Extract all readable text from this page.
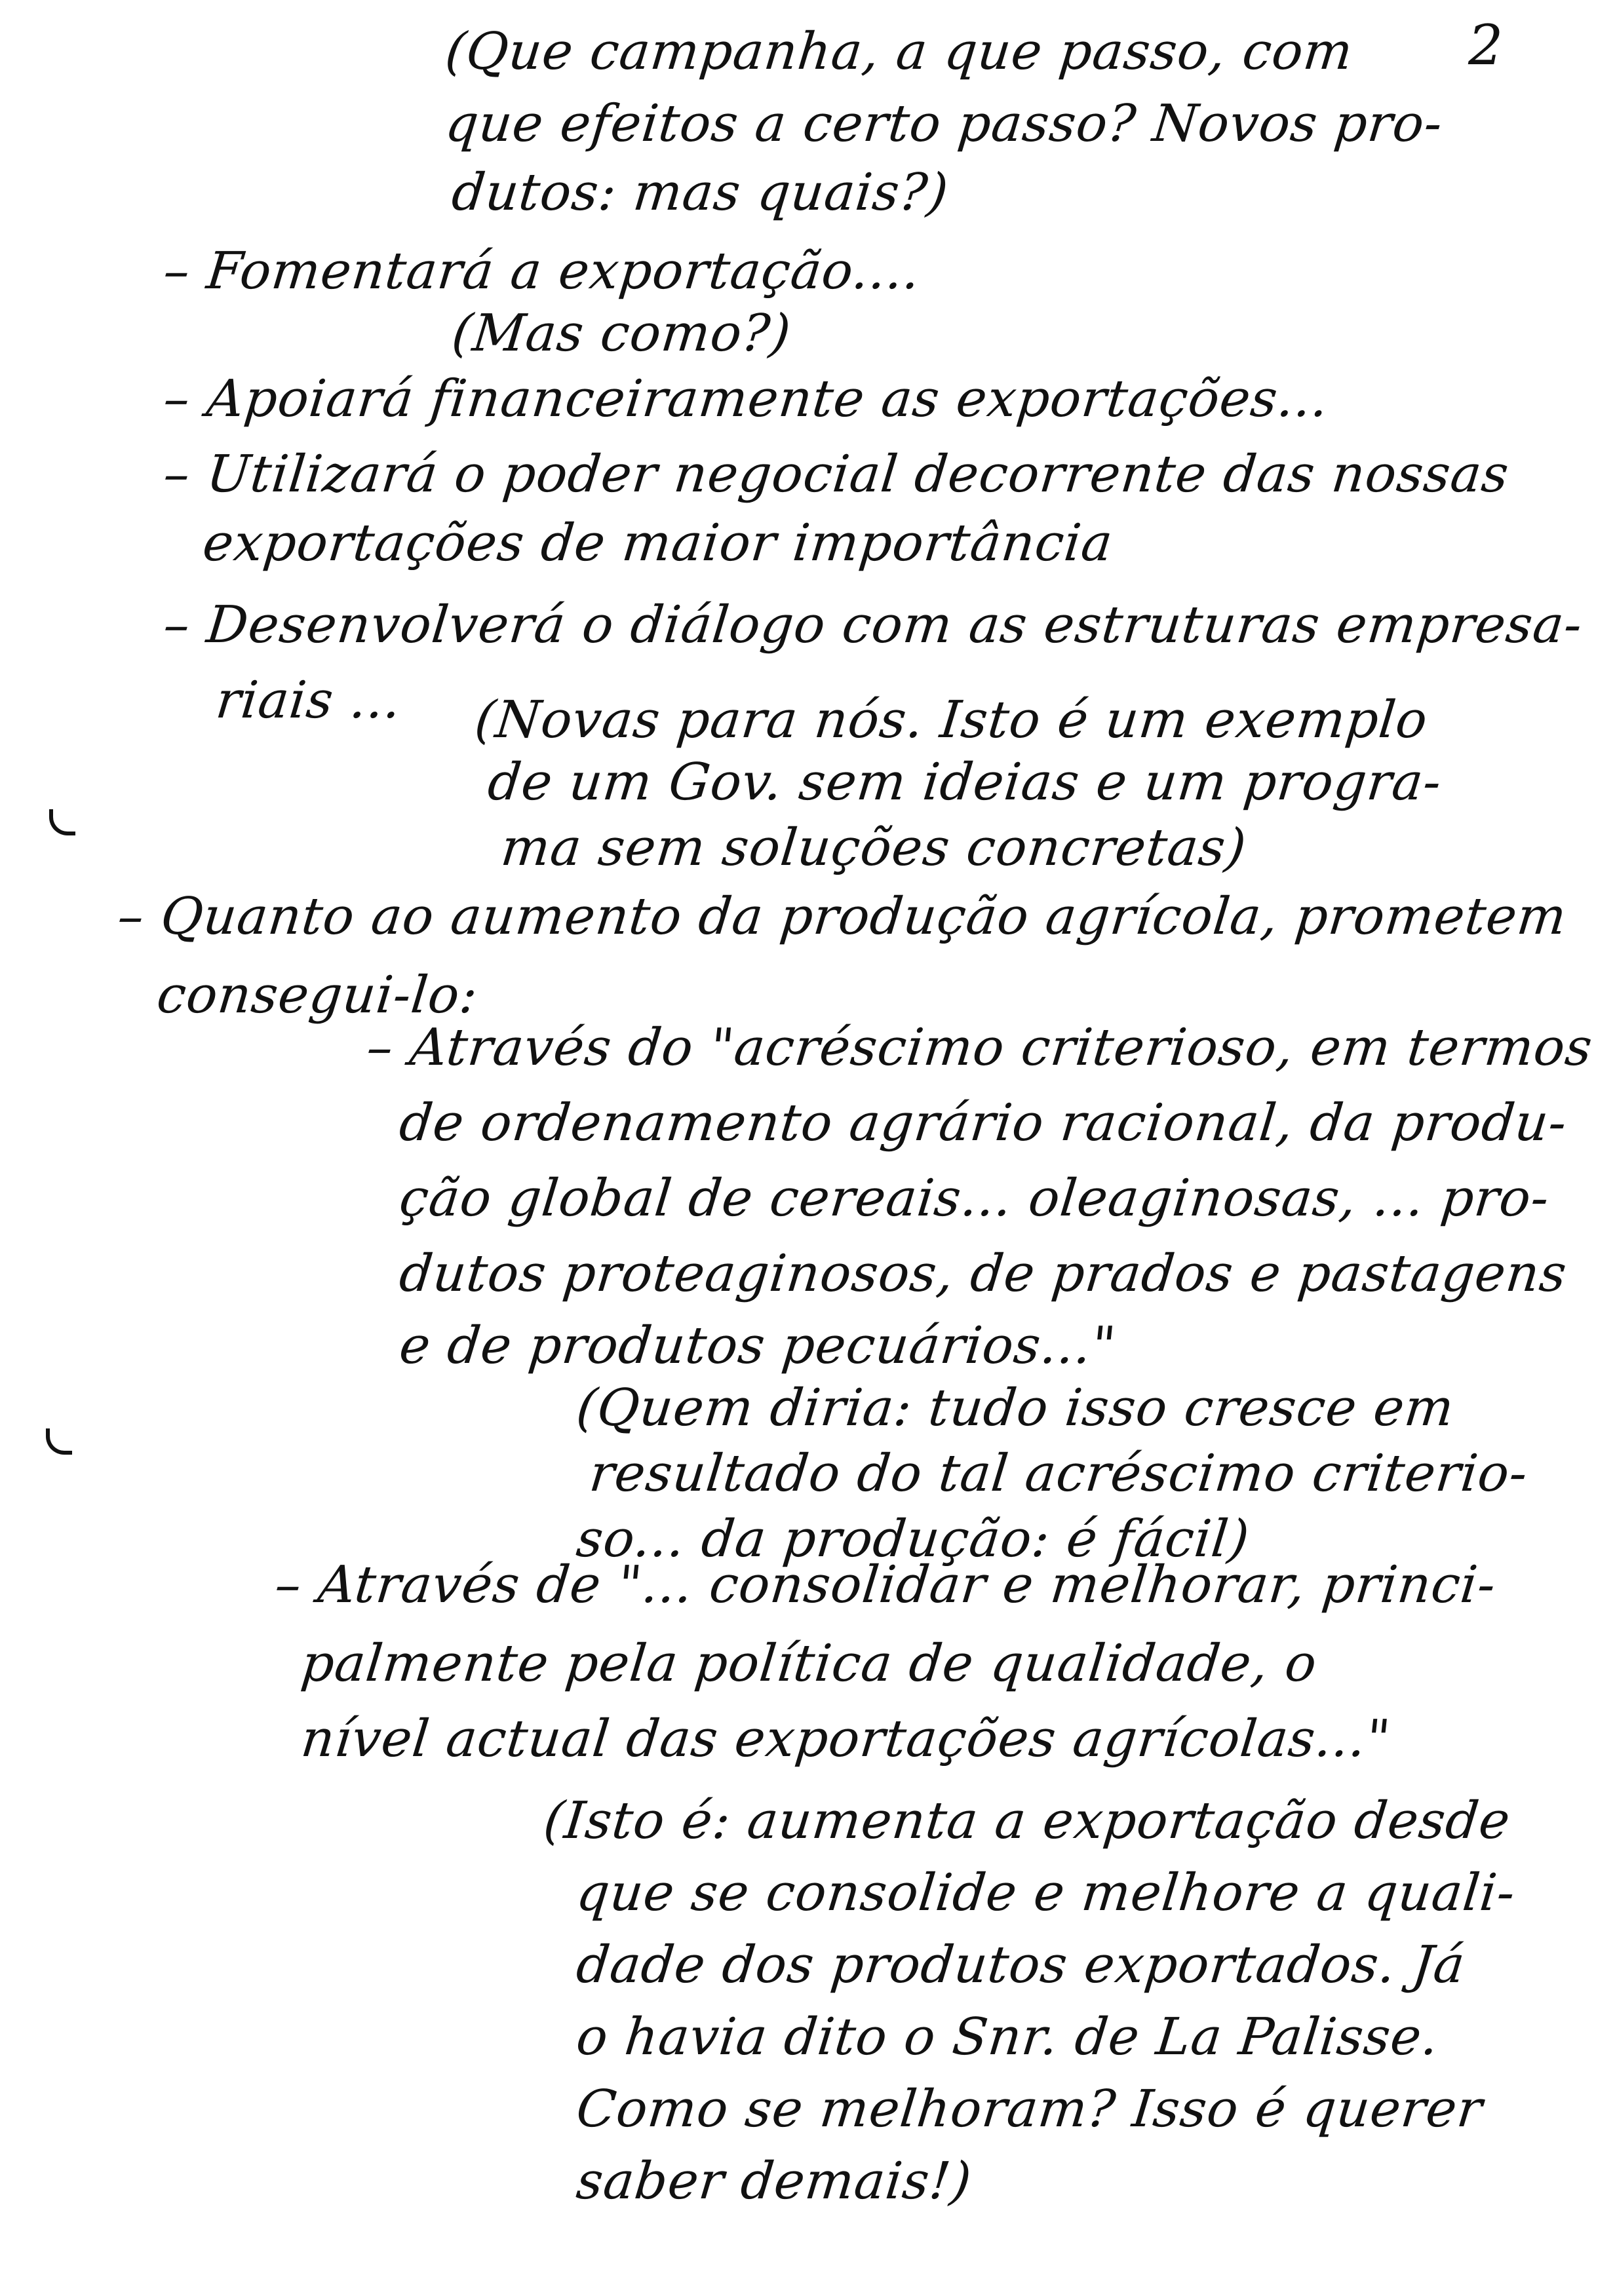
2
(Que campanha, a que passo, com
que efeitos a certo passo? Novos pro-
dutos: mas quais?)
– Fomentará a exportação....
(Mas como?)
– Apoiará financeiramente as exportações...
– Utilizará o poder negocial decorrente das nossas
exportações de maior importância
– Desenvolverá o diálogo com as estruturas empresa-
riais ... (Novas para nós. Isto é um exemplo
de um Gov. sem ideias e um progra-
ma sem soluções concretas)
– Quanto ao aumento da produção agrícola, prometem
consegui-lo:
– Através do "acréscimo criterioso, em termos
de ordenamento agrário racional, da produ-
ção global de cereais... oleaginosas, ... pro-
dutos proteaginosos, de prados e pastagens
e de produtos pecuários..."
(Quem diria: tudo isso cresce em
resultado do tal acréscimo criterio-
so... da produção: é fácil)
– Através de "... consolidar e melhorar, princi-
palmente pela política de qualidade, o
nível actual das exportações agrícolas..."
(Isto é: aumenta a exportação desde
que se consolide e melhore a quali-
dade dos produtos exportados. Já
o havia dito o Snr. de La Palisse.
Como se melhoram? Isso é querer
saber demais!)
